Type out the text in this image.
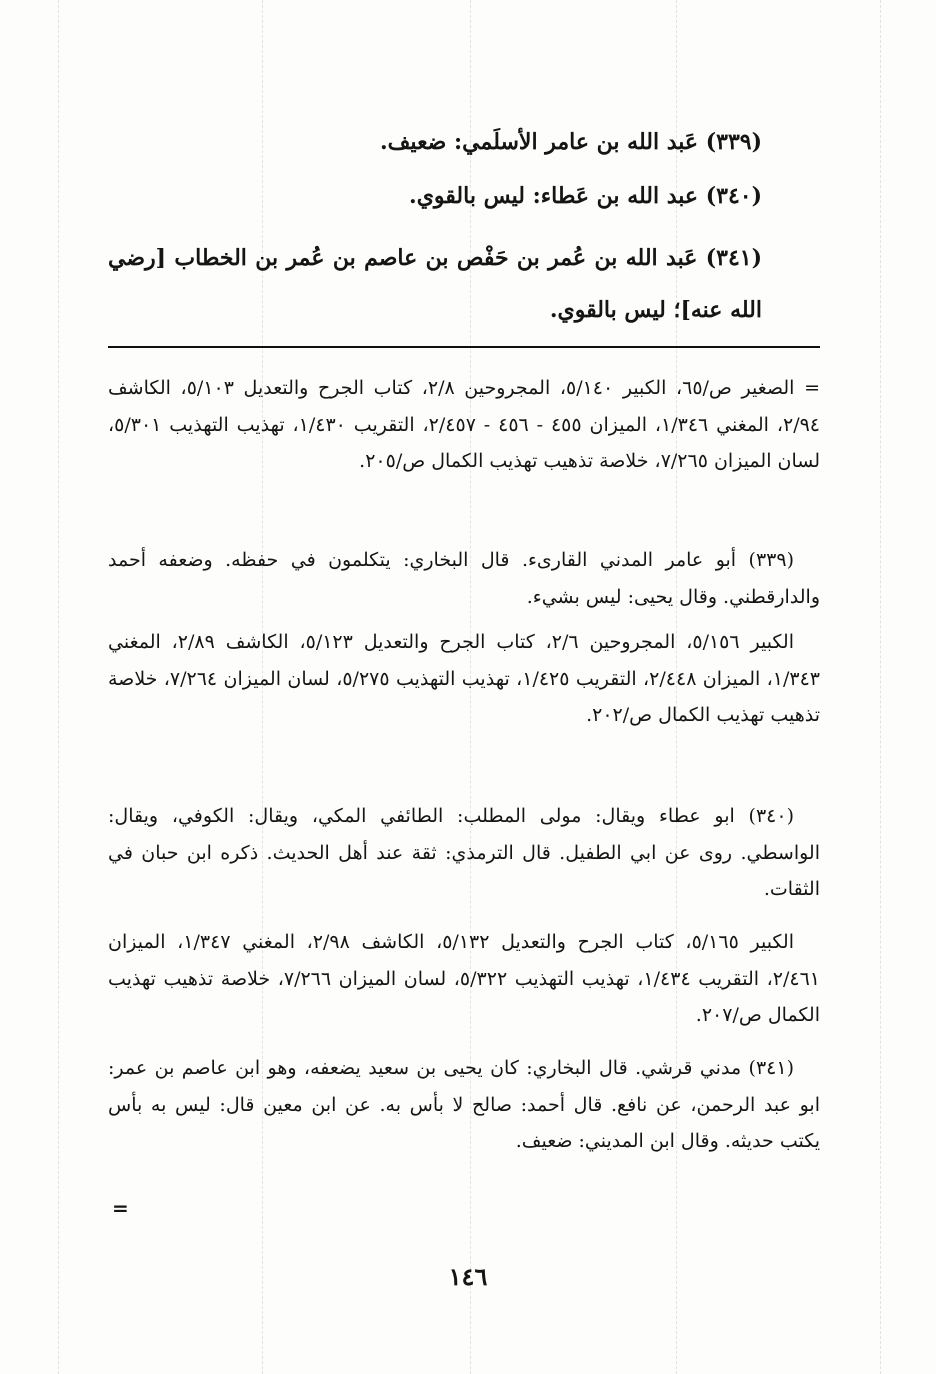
(٣٣٩) عَبد الله بن عامر الأسلَمي: ضعيف.

(٣٤٠) عبد الله بن عَطاء: ليس بالقوي.

(٣٤١) عَبد الله بن عُمر بن حَفْص بن عاصم بن عُمر بن الخطاب [رضي الله عنه]؛ ليس بالقوي.

= الصغير ص/٦٥، الكبير ٥/١٤٠، المجروحين ٢/٨، كتاب الجرح والتعديل ٥/١٠٣، الكاشف ٢/٩٤، المغني ١/٣٤٦، الميزان ٤٥٥ - ٤٥٦ - ٢/٤٥٧، التقريب ١/٤٣٠، تهذيب التهذيب ٥/٣٠١، لسان الميزان ٧/٢٦٥، خلاصة تذهيب تهذيب الكمال ص/٢٠٥.

(٣٣٩) أبو عامر المدني القارىء. قال البخاري: يتكلمون في حفظه. وضعفه أحمد والدارقطني. وقال يحيى: ليس بشيء.

الكبير ٥/١٥٦، المجروحين ٢/٦، كتاب الجرح والتعديل ٥/١٢٣، الكاشف ٢/٨٩، المغني ١/٣٤٣، الميزان ٢/٤٤٨، التقريب ١/٤٢٥، تهذيب التهذيب ٥/٢٧٥، لسان الميزان ٧/٢٦٤، خلاصة تذهيب تهذيب الكمال ص/٢٠٢.

(٣٤٠) ابو عطاء ويقال: مولى المطلب: الطائفي المكي، ويقال: الكوفي، ويقال: الواسطي. روى عن ابي الطفيل. قال الترمذي: ثقة عند أهل الحديث. ذكره ابن حبان في الثقات.

الكبير ٥/١٦٥، كتاب الجرح والتعديل ٥/١٣٢، الكاشف ٢/٩٨، المغني ١/٣٤٧، الميزان ٢/٤٦١، التقريب ١/٤٣٤، تهذيب التهذيب ٥/٣٢٢، لسان الميزان ٧/٢٦٦، خلاصة تذهيب تهذيب الكمال ص/٢٠٧.

(٣٤١) مدني قرشي. قال البخاري: كان يحيى بن سعيد يضعفه، وهو ابن عاصم بن عمر: ابو عبد الرحمن، عن نافع. قال أحمد: صالح لا بأس به. عن ابن معين قال: ليس به بأس يكتب حديثه. وقال ابن المديني: ضعيف.

=
١٤٦
